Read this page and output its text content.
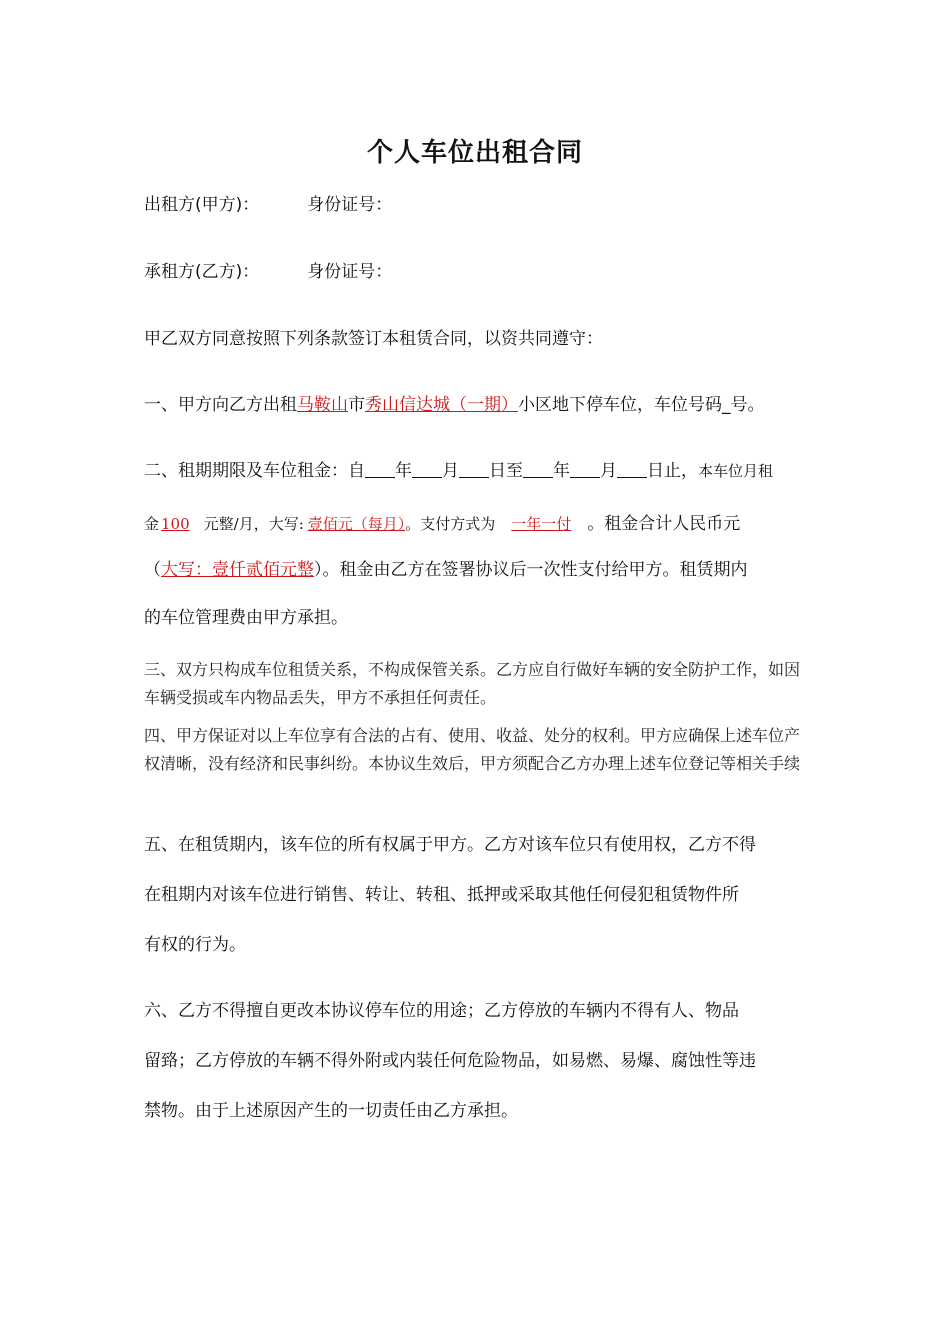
个人车位出租合同
出租方(甲方)：	身份证号：
承租方(乙方)：	身份证号：
甲乙双方同意按照下列条款签订本租赁合同，以资共同遵守：
一、甲方向乙方出租马鞍山市秀山信达城（一期）小区地下停车位，车位号码_号。
二、租期期限及车位租金：自 年 月 日至 年 月 日止，本车位月租
金 100 元整/月，大写: 壹佰元（每月）。支付方式为 一年一付 。租金合计人民币元
（大写：壹仟贰佰元整）。租金由乙方在签署协议后一次性支付给甲方。租赁期内
的车位管理费由甲方承担。
三、双方只构成车位租赁关系，不构成保管关系。乙方应自行做好车辆的安全防护工作，如因车辆受损或车内物品丢失，甲方不承担任何责任。
四、甲方保证对以上车位享有合法的占有、使用、收益、处分的权利。甲方应确保上述车位产权清晰，没有经济和民事纠纷。本协议生效后，甲方须配合乙方办理上述车位登记等相关手续
五、在租赁期内，该车位的所有权属于甲方。乙方对该车位只有使用权，乙方不得
在租期内对该车位进行销售、转让、转租、抵押或采取其他任何侵犯租赁物件所
有权的行为。
六、乙方不得擅自更改本协议停车位的用途；乙方停放的车辆内不得有人、物品
留臵；乙方停放的车辆不得外附或内装任何危险物品，如易燃、易爆、腐蚀性等违
禁物。由于上述原因产生的一切责任由乙方承担。
